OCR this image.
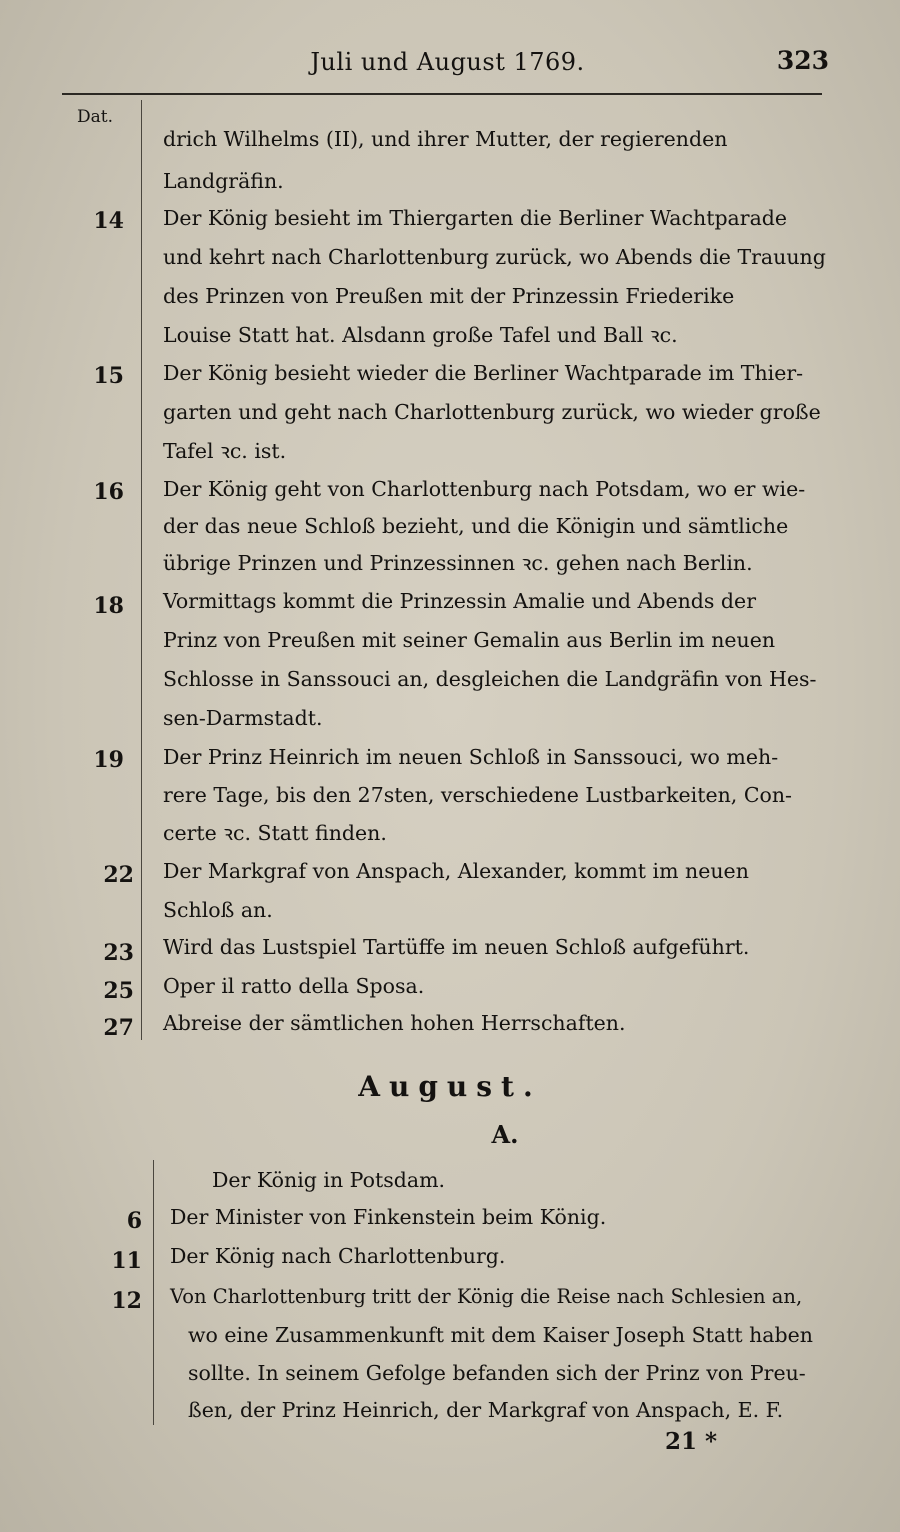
Juli und August 1769.	323
Dat.
drich Wilhelms (II), und ihrer Mutter, der regierenden
Landgräfin.
14 Der König besieht im Thiergarten die Berliner Wachtparade
und kehrt nach Charlottenburg zurück, wo Abends die Trauung
des Prinzen von Preußen mit der Prinzessin Friederike
Louise Statt hat. Alsdann große Tafel und Ball ꝛc.
15 Der König besieht wieder die Berliner Wachtparade im Thier-
garten und geht nach Charlottenburg zurück, wo wieder große
Tafel ꝛc. ist.
16 Der König geht von Charlottenburg nach Potsdam, wo er wie-
der das neue Schloß bezieht, und die Königin und sämtliche
übrige Prinzen und Prinzessinnen ꝛc. gehen nach Berlin.
18 Vormittags kommt die Prinzessin Amalie und Abends der
Prinz von Preußen mit seiner Gemalin aus Berlin im neuen
Schlosse in Sanssouci an, desgleichen die Landgräfin von Hes-
sen-Darmstadt.
19 Der Prinz Heinrich im neuen Schloß in Sanssouci, wo meh-
rere Tage, bis den 27sten, verschiedene Lustbarkeiten, Con-
certe ꝛc. Statt finden.
22 Der Markgraf von Anspach, Alexander, kommt im neuen
Schloß an.
23 Wird das Lustspiel Tartüffe im neuen Schloß aufgeführt.
25 Oper il ratto della Sposa.
27 Abreise der sämtlichen hohen Herrschaften.
August.
A.
Der König in Potsdam.
6 Der Minister von Finkenstein beim König.
11 Der König nach Charlottenburg.
12 Von Charlottenburg tritt der König die Reise nach Schlesien an,
wo eine Zusammenkunft mit dem Kaiser Joseph Statt haben
sollte. In seinem Gefolge befanden sich der Prinz von Preu-
ßen, der Prinz Heinrich, der Markgraf von Anspach, E. F.
21 *
